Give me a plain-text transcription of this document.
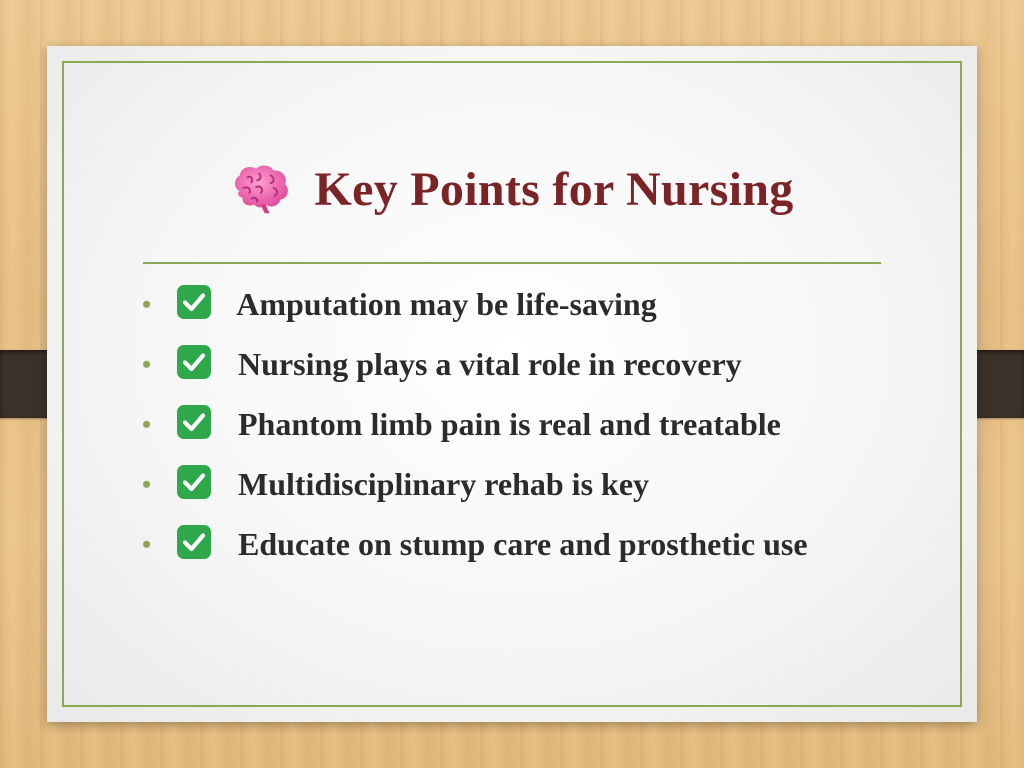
Key Points for Nursing
•	Amputation may be life-saving
•	Nursing plays a vital role in recovery
•	Phantom limb pain is real and treatable
•	Multidisciplinary rehab is key
•	Educate on stump care and prosthetic use
